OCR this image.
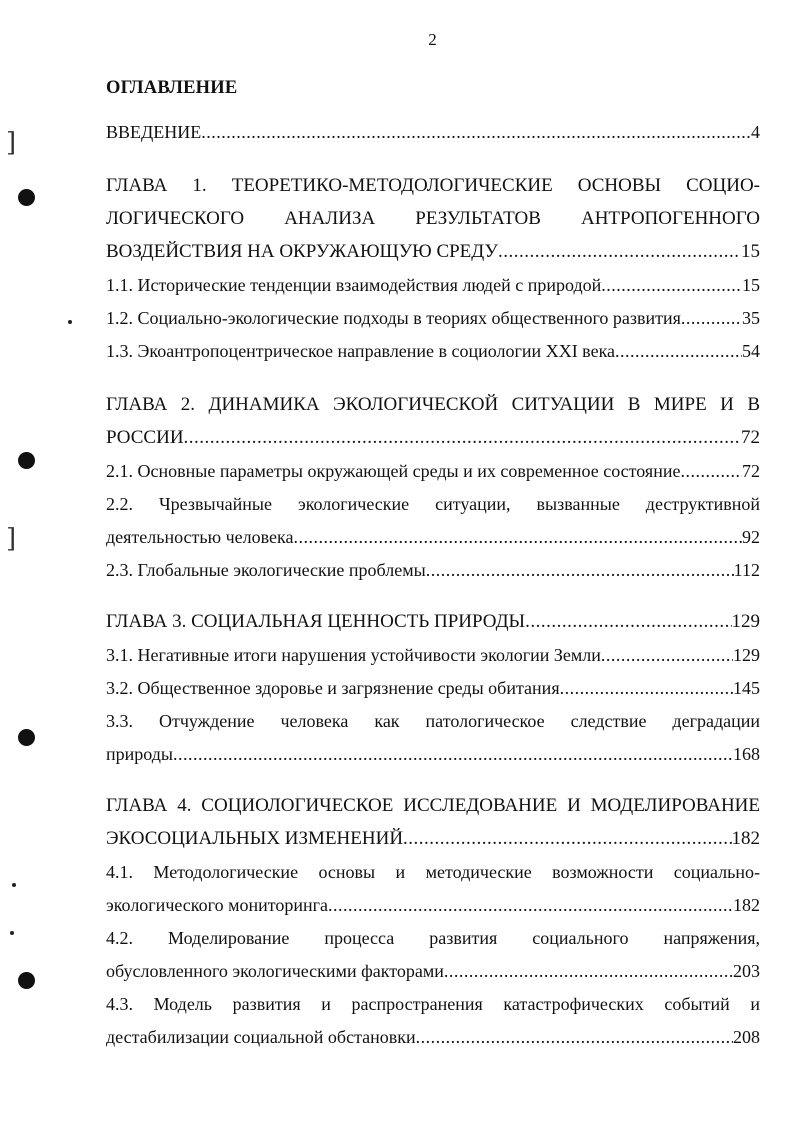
]
]
2
ОГЛАВЛЕНИЕ
ВВЕДЕНИЕ .....	4
ГЛАВА 1. ТЕОРЕТИКО-МЕТОДОЛОГИЧЕСКИЕ ОСНОВЫ СОЦИО-
ЛОГИЧЕСКОГО АНАЛИЗА РЕЗУЛЬТАТОВ АНТРОПОГЕННОГО
ВОЗДЕЙСТВИЯ НА ОКРУЖАЮЩУЮ СРЕДУ .....	15
1.1. Исторические тенденции взаимодействия людей с природой .....	15
1.2. Социально-экологические подходы в теориях общественного развития .....	35
1.3. Экоантропоцентрическое направление в социологии XXI века .....	54
ГЛАВА 2. ДИНАМИКА ЭКОЛОГИЧЕСКОЙ СИТУАЦИИ В МИРЕ И В
РОССИИ .....	72
2.1. Основные параметры окружающей среды и их современное состояние .....	72
2.2. Чрезвычайные экологические ситуации, вызванные деструктивной
деятельностью человека .....	92
2.3. Глобальные экологические проблемы .....	112
ГЛАВА 3. СОЦИАЛЬНАЯ ЦЕННОСТЬ ПРИРОДЫ .....	129
3.1. Негативные итоги нарушения устойчивости экологии Земли .....	129
3.2. Общественное здоровье и загрязнение среды обитания .....	145
3.3. Отчуждение человека как патологическое следствие деградации
природы .....	168
ГЛАВА 4. СОЦИОЛОГИЧЕСКОЕ ИССЛЕДОВАНИЕ И МОДЕЛИРОВАНИЕ
ЭКОСОЦИАЛЬНЫХ ИЗМЕНЕНИЙ .....	182
4.1. Методологические основы и методические возможности социально-
экологического мониторинга .....	182
4.2. Моделирование процесса развития социального напряжения,
обусловленного экологическими факторами .....	203
4.3. Модель развития и распространения катастрофических событий и
дестабилизации социальной обстановки .....	208
